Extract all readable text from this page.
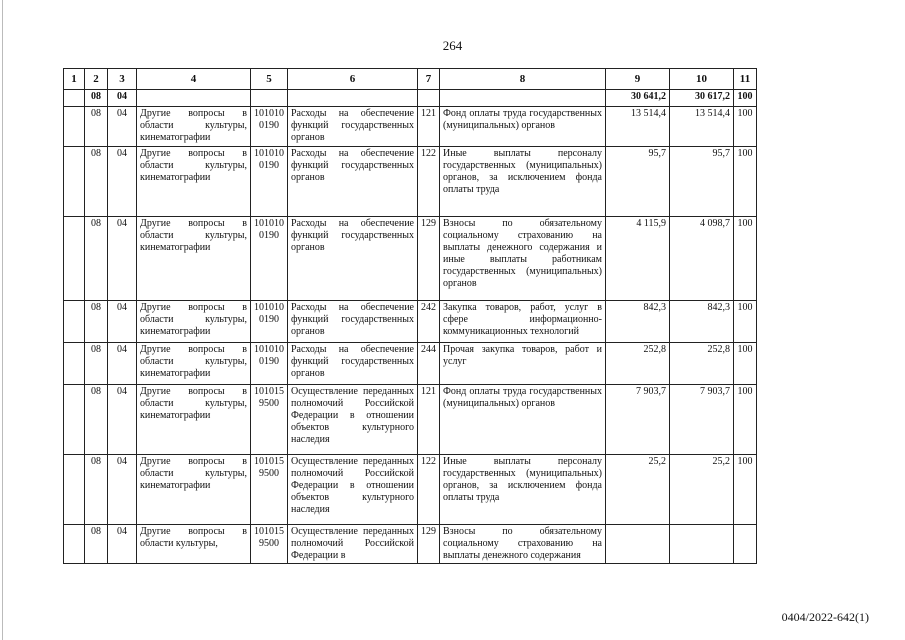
264
1	2	3	4	5	6	7	8	9	10	11
	08	04						30 641,2	30 617,2	100
	08	04	Другие вопросы в области культуры, кинематографии	101010 0190	Расходы на обеспечение функций государственных органов	121	Фонд оплаты труда государственных (муниципальных) органов	13 514,4	13 514,4	100
	08	04	Другие вопросы в области культуры, кинематографии	101010 0190	Расходы на обеспечение функций государственных органов	122	Иные выплаты персоналу государственных (муниципальных) органов, за исключением фонда оплаты труда	95,7	95,7	100
	08	04	Другие вопросы в области культуры, кинематографии	101010 0190	Расходы на обеспечение функций государственных органов	129	Взносы по обязательному социальному страхованию на выплаты денежного содержания и иные выплаты работникам государственных (муниципальных) органов	4 115,9	4 098,7	100
	08	04	Другие вопросы в области культуры, кинематографии	101010 0190	Расходы на обеспечение функций государственных органов	242	Закупка товаров, работ, услуг в сфере информационно-коммуникационных технологий	842,3	842,3	100
	08	04	Другие вопросы в области культуры, кинематографии	101010 0190	Расходы на обеспечение функций государственных органов	244	Прочая закупка товаров, работ и услуг	252,8	252,8	100
	08	04	Другие вопросы в области культуры, кинематографии	101015 9500	Осуществление переданных полномочий Российской Федерации в отношении объектов культурного наследия	121	Фонд оплаты труда государственных (муниципальных) органов	7 903,7	7 903,7	100
	08	04	Другие вопросы в области культуры, кинематографии	101015 9500	Осуществление переданных полномочий Российской Федерации в отношении объектов культурного наследия	122	Иные выплаты персоналу государственных (муниципальных) органов, за исключением фонда оплаты труда	25,2	25,2	100
	08	04	Другие вопросы в области культуры,	101015 9500	Осуществление переданных полномочий Российской Федерации в	129	Взносы по обязательному социальному страхованию на выплаты денежного содержания			
0404/2022-642(1)
